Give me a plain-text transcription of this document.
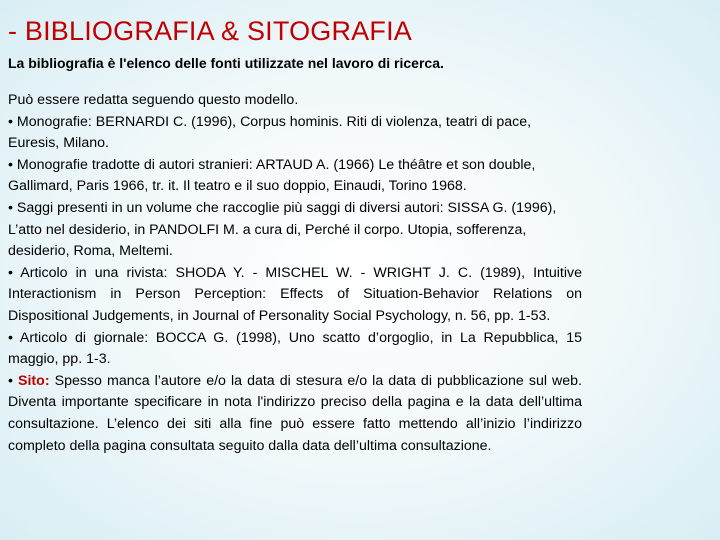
- BIBLIOGRAFIA & SITOGRAFIA
La bibliografia è l'elenco delle fonti utilizzate nel lavoro di ricerca.

Può essere redatta seguendo questo modello.

• Monografie: BERNARDI C. (1996), Corpus hominis. Riti di violenza, teatri di pace, Euresis, Milano.

• Monografie tradotte di autori stranieri: ARTAUD A. (1966) Le théâtre et son double, Gallimard, Paris 1966, tr. it. Il teatro e il suo doppio, Einaudi, Torino 1968.

• Saggi presenti in un volume che raccoglie più saggi di diversi autori: SISSA G. (1996), L’atto nel desiderio, in PANDOLFI M. a cura di, Perché il corpo. Utopia, sofferenza, desiderio, Roma, Meltemi.

• Articolo in una rivista: SHODA Y. - MISCHEL W. - WRIGHT J. C. (1989), Intuitive Interactionism in Person Perception: Effects of Situation-Behavior Relations on Dispositional Judgements, in Journal of Personality Social Psychology, n. 56, pp. 1-53.

• Articolo di giornale: BOCCA G. (1998), Uno scatto d’orgoglio, in La Repubblica, 15 maggio, pp. 1-3.

• Sito: Spesso manca l’autore e/o la data di stesura e/o la data di pubblicazione sul web. Diventa importante specificare in nota l'indirizzo preciso della pagina e la data dell’ultima consultazione. L’elenco dei siti alla fine può essere fatto mettendo all’inizio l’indirizzo completo della pagina consultata seguito dalla data dell’ultima consultazione.
